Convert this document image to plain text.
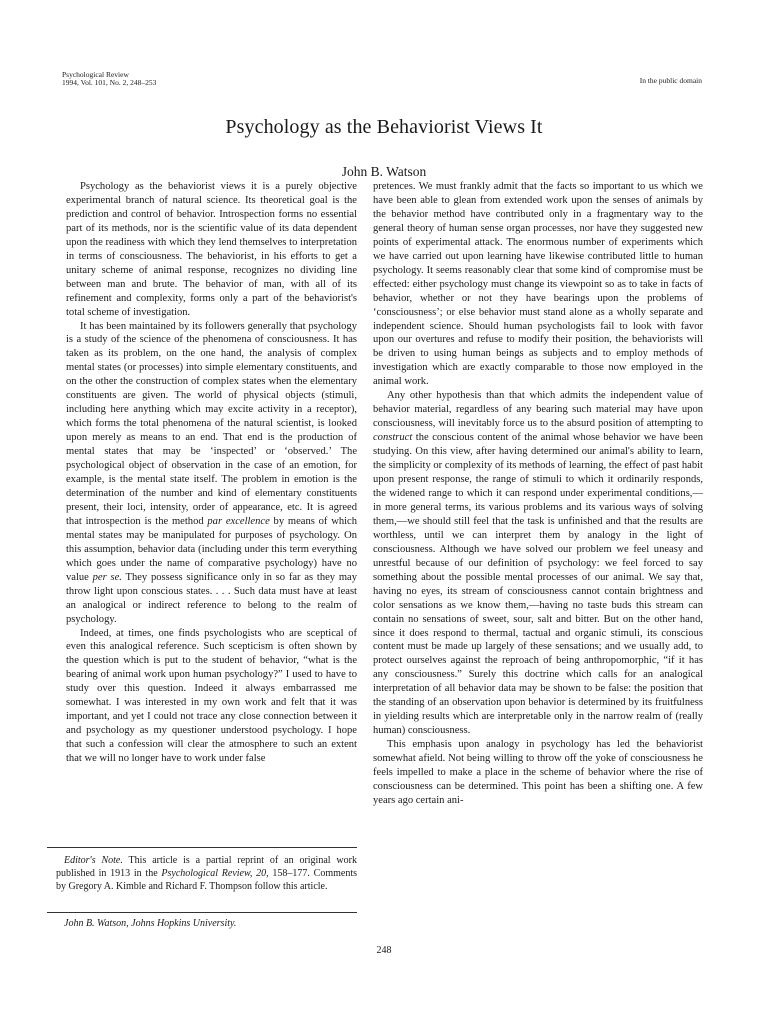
Psychological Review
1994, Vol. 101, No. 2, 248–253	In the public domain
Psychology as the Behaviorist Views It
John B. Watson

Psychology as the behaviorist views it is a purely objective experimental branch of natural science. Its theoretical goal is the prediction and control of behavior. Introspection forms no essential part of its methods, nor is the scientific value of its data dependent upon the readiness with which they lend themselves to interpretation in terms of consciousness. The behaviorist, in his efforts to get a unitary scheme of animal response, recognizes no dividing line between man and brute. The behavior of man, with all of its refinement and complexity, forms only a part of the behaviorist's total scheme of investigation.

It has been maintained by its followers generally that psychology is a study of the science of the phenomena of consciousness. It has taken as its problem, on the one hand, the analysis of complex mental states (or processes) into simple elementary constituents, and on the other the construction of complex states when the elementary constituents are given. The world of physical objects (stimuli, including here anything which may excite activity in a receptor), which forms the total phenomena of the natural scientist, is looked upon merely as means to an end. That end is the production of mental states that may be ‘inspected’ or ‘observed.’ The psychological object of observation in the case of an emotion, for example, is the mental state itself. The problem in emotion is the determination of the number and kind of elementary constituents present, their loci, intensity, order of appearance, etc. It is agreed that introspection is the method par excellence by means of which mental states may be manipulated for purposes of psychology. On this assumption, behavior data (including under this term everything which goes under the name of comparative psychology) have no value per se. They possess significance only in so far as they may throw light upon conscious states. . . . Such data must have at least an analogical or indirect reference to belong to the realm of psychology.

Indeed, at times, one finds psychologists who are sceptical of even this analogical reference. Such scepticism is often shown by the question which is put to the student of behavior, “what is the bearing of animal work upon human psychology?” I used to have to study over this question. Indeed it always embarrassed me somewhat. I was interested in my own work and felt that it was important, and yet I could not trace any close connection between it and psychology as my questioner understood psychology. I hope that such a confession will clear the atmosphere to such an extent that we will no longer have to work under false

pretences. We must frankly admit that the facts so important to us which we have been able to glean from extended work upon the senses of animals by the behavior method have contributed only in a fragmentary way to the general theory of human sense organ processes, nor have they suggested new points of experimental attack. The enormous number of experiments which we have carried out upon learning have likewise contributed little to human psychology. It seems reasonably clear that some kind of compromise must be effected: either psychology must change its viewpoint so as to take in facts of behavior, whether or not they have bearings upon the problems of ‘consciousness’; or else behavior must stand alone as a wholly separate and independent science. Should human psychologists fail to look with favor upon our overtures and refuse to modify their position, the behaviorists will be driven to using human beings as subjects and to employ methods of investigation which are exactly comparable to those now employed in the animal work.

Any other hypothesis than that which admits the independent value of behavior material, regardless of any bearing such material may have upon consciousness, will inevitably force us to the absurd position of attempting to construct the conscious content of the animal whose behavior we have been studying. On this view, after having determined our animal's ability to learn, the simplicity or complexity of its methods of learning, the effect of past habit upon present response, the range of stimuli to which it ordinarily responds, the widened range to which it can respond under experimental conditions,—in more general terms, its various problems and its various ways of solving them,—we should still feel that the task is unfinished and that the results are worthless, until we can interpret them by analogy in the light of consciousness. Although we have solved our problem we feel uneasy and unrestful because of our definition of psychology: we feel forced to say something about the possible mental processes of our animal. We say that, having no eyes, its stream of consciousness cannot contain brightness and color sensations as we know them,—having no taste buds this stream can contain no sensations of sweet, sour, salt and bitter. But on the other hand, since it does respond to thermal, tactual and organic stimuli, its conscious content must be made up largely of these sensations; and we usually add, to protect ourselves against the reproach of being anthropomorphic, “if it has any consciousness.” Surely this doctrine which calls for an analogical interpretation of all behavior data may be shown to be false: the position that the standing of an observation upon behavior is determined by its fruitfulness in yielding results which are interpretable only in the narrow realm of (really human) consciousness.

This emphasis upon analogy in psychology has led the behaviorist somewhat afield. Not being willing to throw off the yoke of consciousness he feels impelled to make a place in the scheme of behavior where the rise of consciousness can be determined. This point has been a shifting one. A few years ago certain ani-

Editor's Note. This article is a partial reprint of an original work published in 1913 in the Psychological Review, 20, 158–177. Comments by Gregory A. Kimble and Richard F. Thompson follow this article.
John B. Watson, Johns Hopkins University.
248
